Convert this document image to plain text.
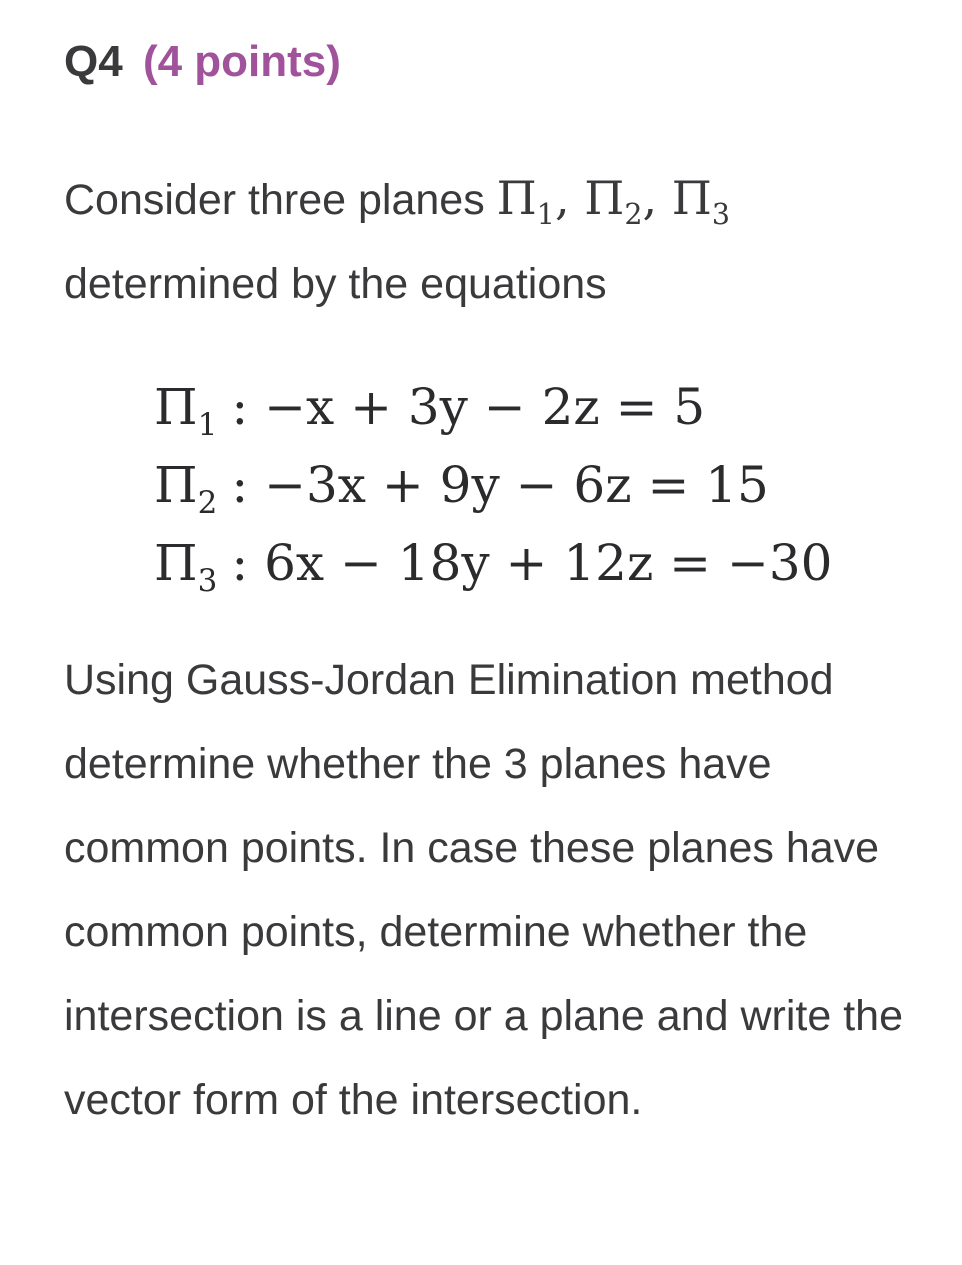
Q4 (4 points)
Consider three planes $\Pi_1$, $\Pi_2$, $\Pi_3$
determined by the equations
$\Pi_1$ : −x + 3y − 2z = 5
$\Pi_2$ : −3x + 9y − 6z = 15
$\Pi_3$ : 6x − 18y + 12z = −30
Using Gauss-Jordan Elimination method determine whether the 3 planes have common points. In case these planes have common points, determine whether the intersection is a line or a plane and write the vector form of the intersection.
